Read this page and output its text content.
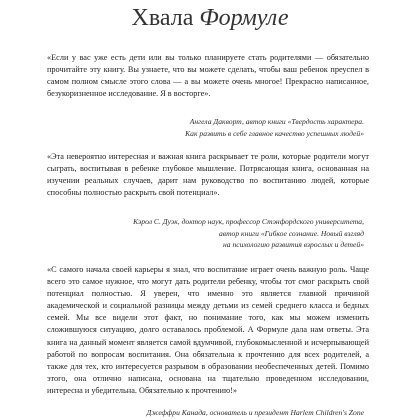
Хвала Формуле

«Если у вас уже есть дети или вы только планируете стать родителями — обязательно прочитайте эту книгу. Вы узнаете, что вы можете сделать, чтобы ваш ребенок преуспел в самом полном смысле этого слова — а вы можете очень многое! Прекрасно написанное, безукоризненное исследование. Я в восторге».

Ангела Дакворт, автор книги «Твердость характера.
Как развить в себе главное качество успешных людей»

«Эта невероятно интересная и важная книга раскрывает те роли, которые родители могут сыграть, воспитывая в ребенке глубокое мышление. Потрясающая книга, основанная на изучении реальных случаев, дарит нам руководство по воспитанию людей, которые способны полностью раскрыть свой потенциал».

Кэрол С. Дуэк, доктор наук, профессор Стэнфордского университета,
автор книги «Гибкое сознание. Новый взгляд
на психологию развития взрослых и детей»

«С самого начала своей карьеры я знал, что воспитание играет очень важную роль. Чаще всего это самое нужное, что могут дать родители ребенку, чтобы тот смог раскрыть свой потенциал полностью. Я уверен, что именно это является главной причиной академической и социальной разницы между детьми из семей среднего класса и бедных семей. Мы все видели этот факт, но понимание того, как мы можем изменить сложившуюся ситуацию, долго оставалось проблемой. А Формуле дала нам ответы. Эта книга на данный момент является самой вдумчивой, глубокомысленной и исчерпывающей работой по вопросам воспитания. Она обязательна к прочтению для всех родителей, а также для тех, кто интересуется разрывом в образовании необеспеченных детей. Помимо этого, она отлично написана, основана на тщательно проведенном исследовании, интересна и убедительна. Обязательно к прочтению!»

Джеффри Канада, основатель и президент Harlem Children's Zone
